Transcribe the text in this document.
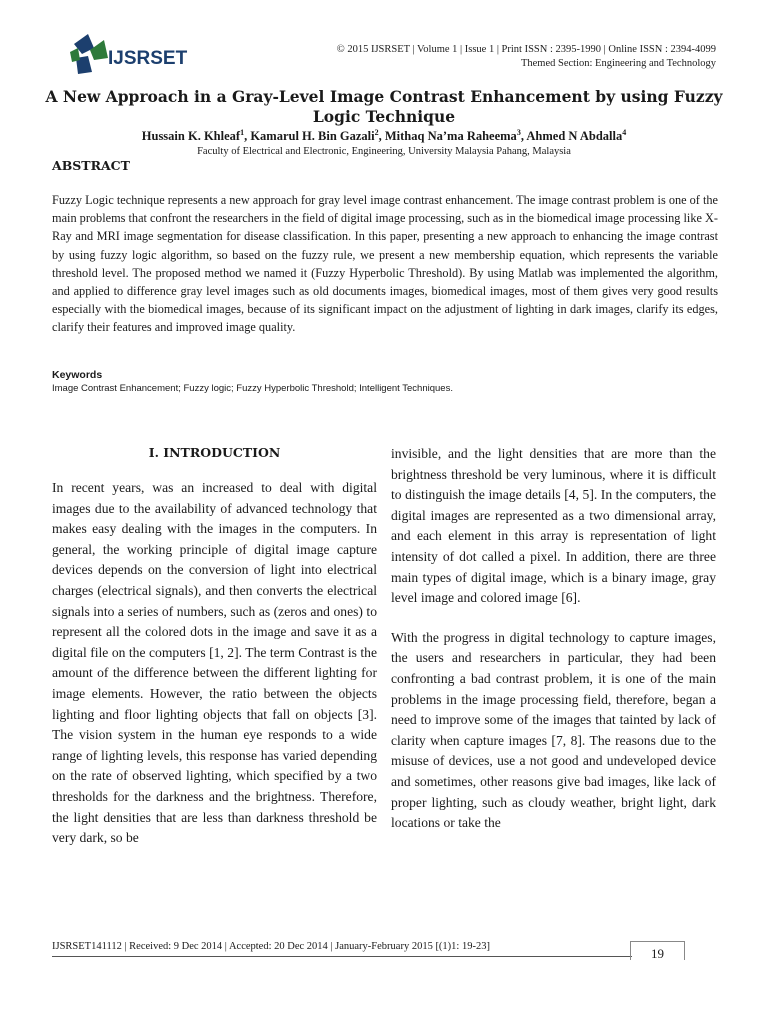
IJSRSET	© 2015 IJSRSET | Volume 1 | Issue 1 | Print ISSN : 2395-1990 | Online ISSN : 2394-4099
Themed Section: Engineering and Technology
A New Approach in a Gray-Level Image Contrast Enhancement by using Fuzzy Logic Technique
Hussain K. Khleaf$^1$, Kamarul H. Bin Gazali$^2$, Mithaq Na’ma Raheema$^3$, Ahmed N Abdalla$^4$
Faculty of Electrical and Electronic, Engineering, University Malaysia Pahang, Malaysia
ABSTRACT
Fuzzy Logic technique represents a new approach for gray level image contrast enhancement. The image contrast problem is one of the main problems that confront the researchers in the field of digital image processing, such as in the biomedical image processing like X-Ray and MRI image segmentation for disease classification. In this paper, presenting a new approach to enhancing the image contrast by using fuzzy logic algorithm, so based on the fuzzy rule, we present a new membership equation, which represents the variable threshold level. The proposed method we named it (Fuzzy Hyperbolic Threshold). By using Matlab was implemented the algorithm, and applied to difference gray level images such as old documents images, biomedical images, most of them gives very good results especially with the biomedical images, because of its significant impact on the adjustment of lighting in dark images, clarify its edges, clarify their features and improved image quality.
Keywords
Image Contrast Enhancement; Fuzzy logic; Fuzzy Hyperbolic Threshold; Intelligent Techniques.
I. INTRODUCTION

In recent years, was an increased to deal with digital images due to the availability of advanced technology that makes easy dealing with the images in the computers. In general, the working principle of digital image capture devices depends on the conversion of light into electrical charges (electrical signals), and then converts the electrical signals into a series of numbers, such as (zeros and ones) to represent all the colored dots in the image and save it as a digital file on the computers [1, 2]. The term Contrast is the amount of the difference between the different lighting for image elements. However, the ratio between the objects lighting and floor lighting objects that fall on objects [3]. The vision system in the human eye responds to a wide range of lighting levels, this response has varied depending on the rate of observed lighting, which specified by a two thresholds for the darkness and the brightness. Therefore, the light densities that are less than darkness threshold be very dark, so be

invisible, and the light densities that are more than the brightness threshold be very luminous, where it is difficult to distinguish the image details [4, 5]. In the computers, the digital images are represented as a two dimensional array, and each element in this array is representation of light intensity of dot called a pixel. In addition, there are three main types of digital image, which is a binary image, gray level image and colored image [6].

With the progress in digital technology to capture images, the users and researchers in particular, they had been confronting a bad contrast problem, it is one of the main problems in the image processing field, therefore, began a need to improve some of the images that tainted by lack of clarity when capture images [7, 8]. The reasons due to the misuse of devices, use a not good and undeveloped device and sometimes, other reasons give bad images, like lack of proper lighting, such as cloudy weather, bright light, dark locations or take the

IJSRSET141112 | Received: 9 Dec 2014 | Accepted: 20 Dec 2014 | January-February 2015 [(1)1: 19-23]	19
